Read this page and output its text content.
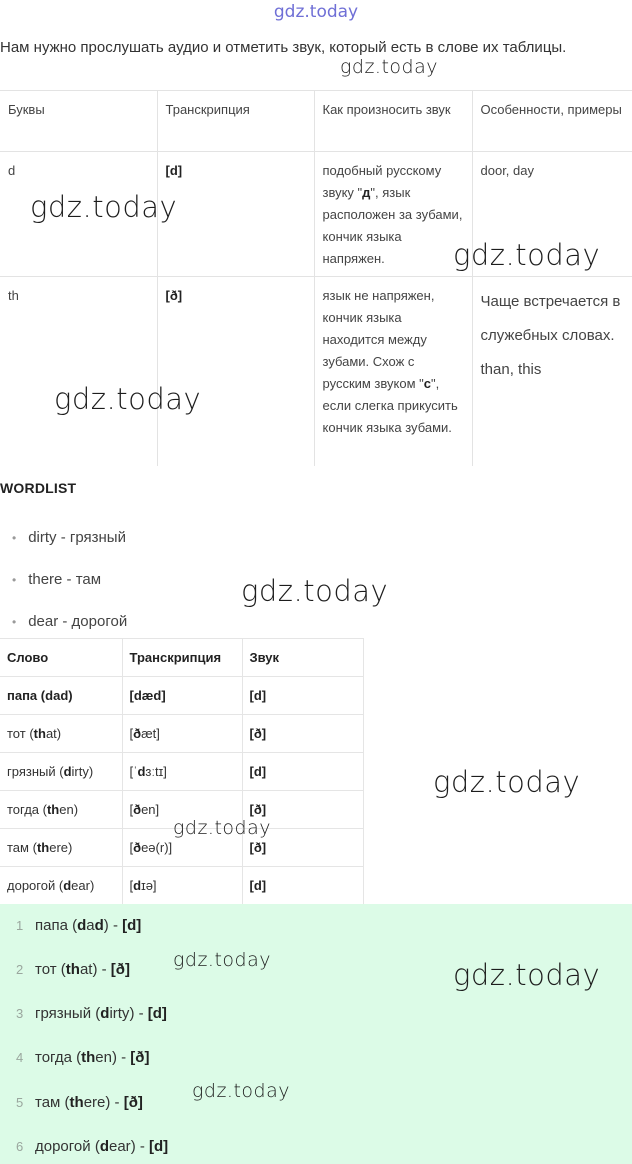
gdz.today
Нам нужно прослушать аудио и отметить звук, который есть в слове их таблицы.
Буквы	Транскрипция	Как произносить звук	Особенности, примеры
d	[d]	подобный русскому звуку "д", язык расположен за зубами, кончик языка напряжен.	door, day
th	[ð]	язык не напряжен, кончик языка находится между зубами. Схож с русским звуком "с", если слегка прикусить кончик языка зубами.	Чаще встречается в служебных словах.
than, this
WORDLIST
• dirty - грязный
• there - там
• dear - дорогой
Слово	Транскрипция	Звук
папа (dad)	[dæd]	[d]
тот (that)	[ðæt]	[ð]
грязный (dirty)	[ˈdɜːtɪ]	[d]
тогда (then)	[ðen]	[ð]
там (there)	[ðeə(r)]	[ð]
дорогой (dear)	[dɪə]	[d]
1 папа (dad) - [d]
2 тот (that) - [ð]
3 грязный (dirty) - [d]
4 тогда (then) - [ð]
5 там (there) - [ð]
6 дорогой (dear) - [d]
gdz.today
gdz.today
gdz.today
gdz.today
gdz.today
gdz.today
gdz.today
gdz.today	gdz.today
gdz.today
